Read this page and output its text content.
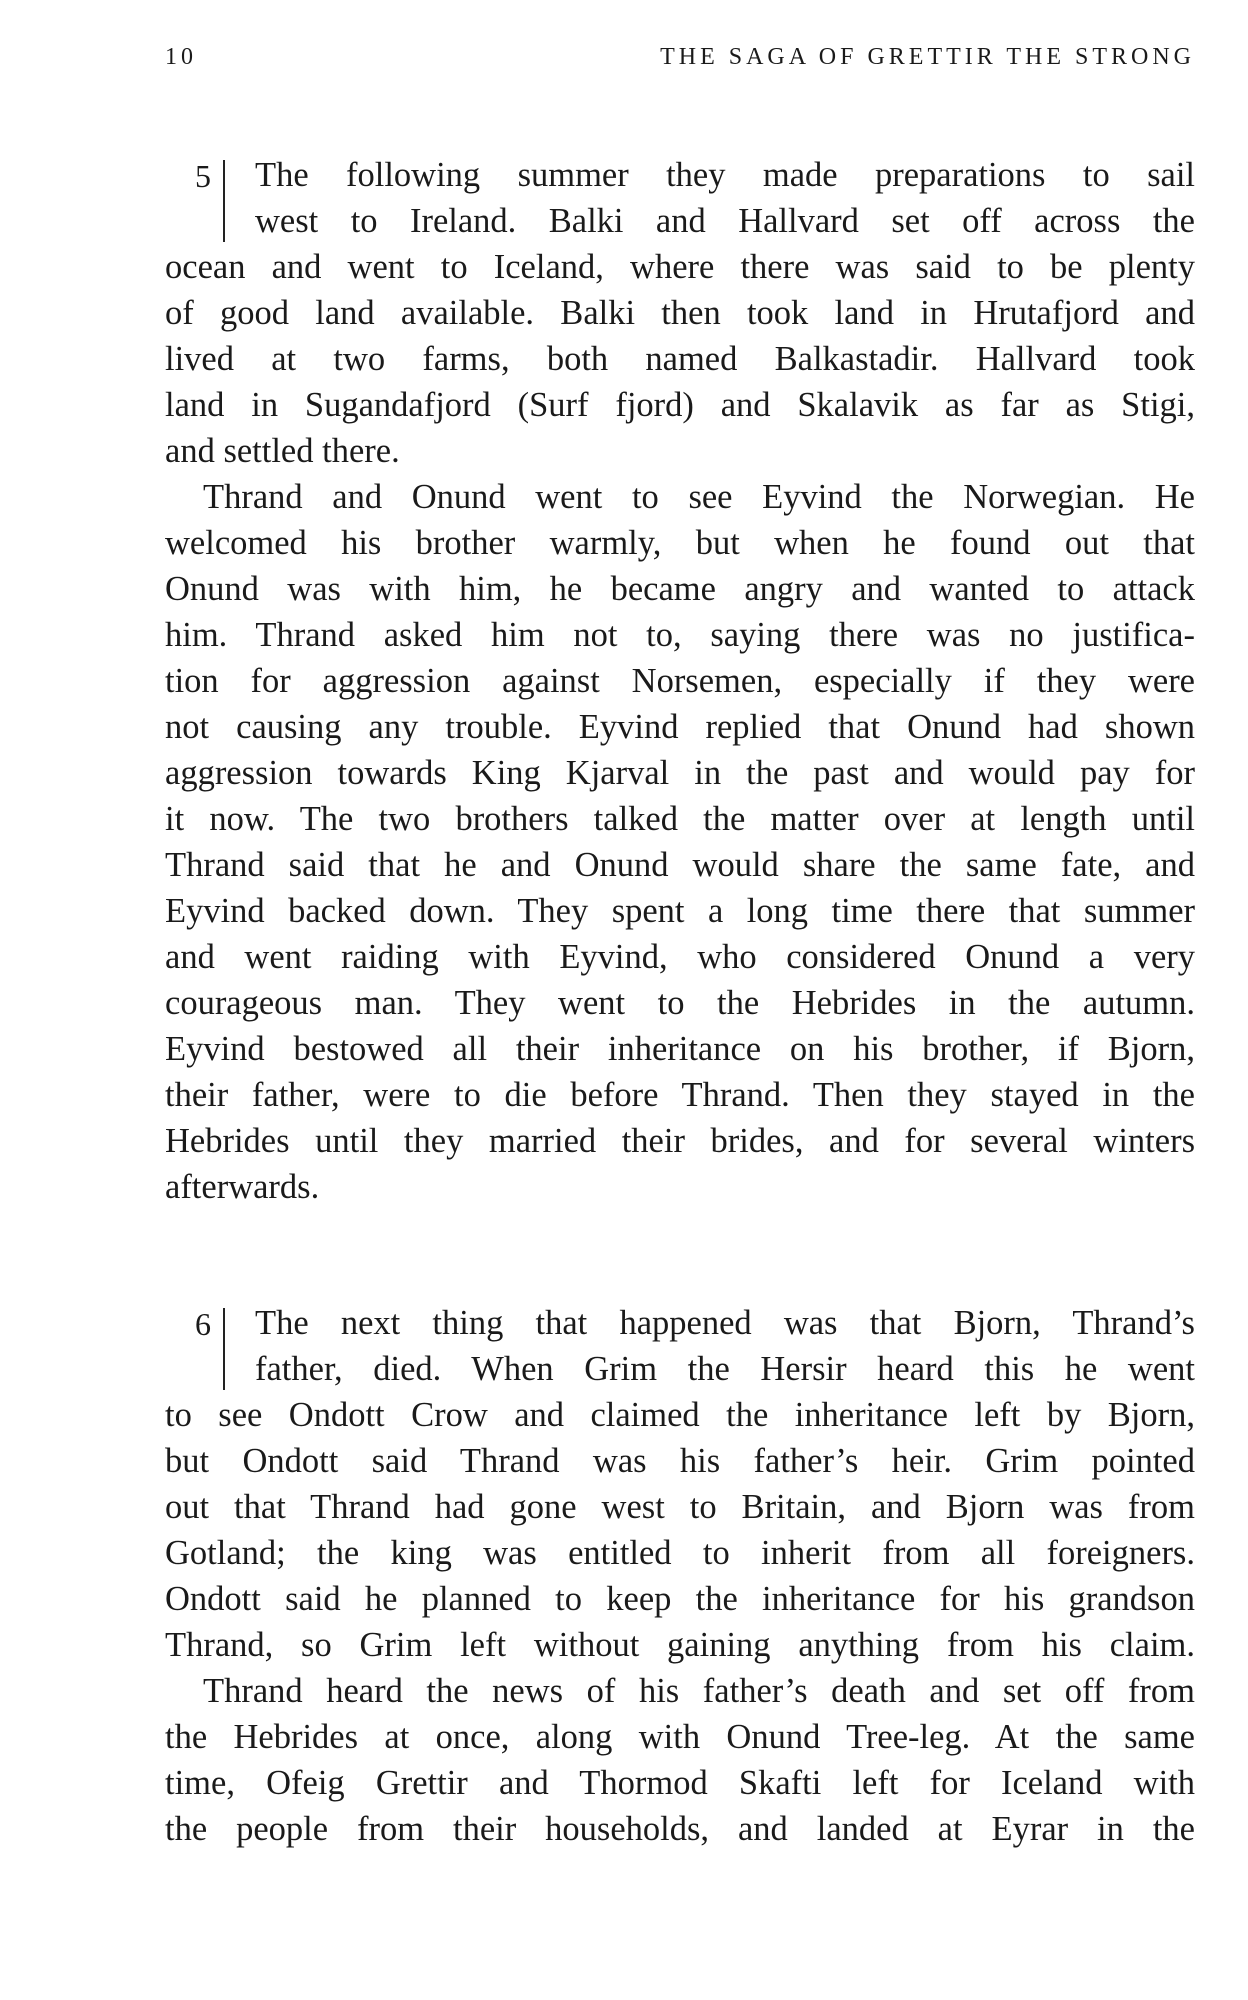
10	THE SAGA OF GRETTIR THE STRONG
5	The following summer they made preparations to sail
west to Ireland. Balki and Hallvard set off across the
ocean and went to Iceland, where there was said to be plenty
of good land available. Balki then took land in Hrutafjord and
lived at two farms, both named Balkastadir. Hallvard took
land in Sugandafjord (Surf fjord) and Skalavik as far as Stigi,
and settled there.
Thrand and Onund went to see Eyvind the Norwegian. He
welcomed his brother warmly, but when he found out that
Onund was with him, he became angry and wanted to attack
him. Thrand asked him not to, saying there was no justifica-
tion for aggression against Norsemen, especially if they were
not causing any trouble. Eyvind replied that Onund had shown
aggression towards King Kjarval in the past and would pay for
it now. The two brothers talked the matter over at length until
Thrand said that he and Onund would share the same fate, and
Eyvind backed down. They spent a long time there that summer
and went raiding with Eyvind, who considered Onund a very
courageous man. They went to the Hebrides in the autumn.
Eyvind bestowed all their inheritance on his brother, if Bjorn,
their father, were to die before Thrand. Then they stayed in the
Hebrides until they married their brides, and for several winters
afterwards.
6	The next thing that happened was that Bjorn, Thrand’s
father, died. When Grim the Hersir heard this he went
to see Ondott Crow and claimed the inheritance left by Bjorn,
but Ondott said Thrand was his father’s heir. Grim pointed
out that Thrand had gone west to Britain, and Bjorn was from
Gotland; the king was entitled to inherit from all foreigners.
Ondott said he planned to keep the inheritance for his grandson
Thrand, so Grim left without gaining anything from his claim.
Thrand heard the news of his father’s death and set off from
the Hebrides at once, along with Onund Tree-leg. At the same
time, Ofeig Grettir and Thormod Skafti left for Iceland with
the people from their households, and landed at Eyrar in the
